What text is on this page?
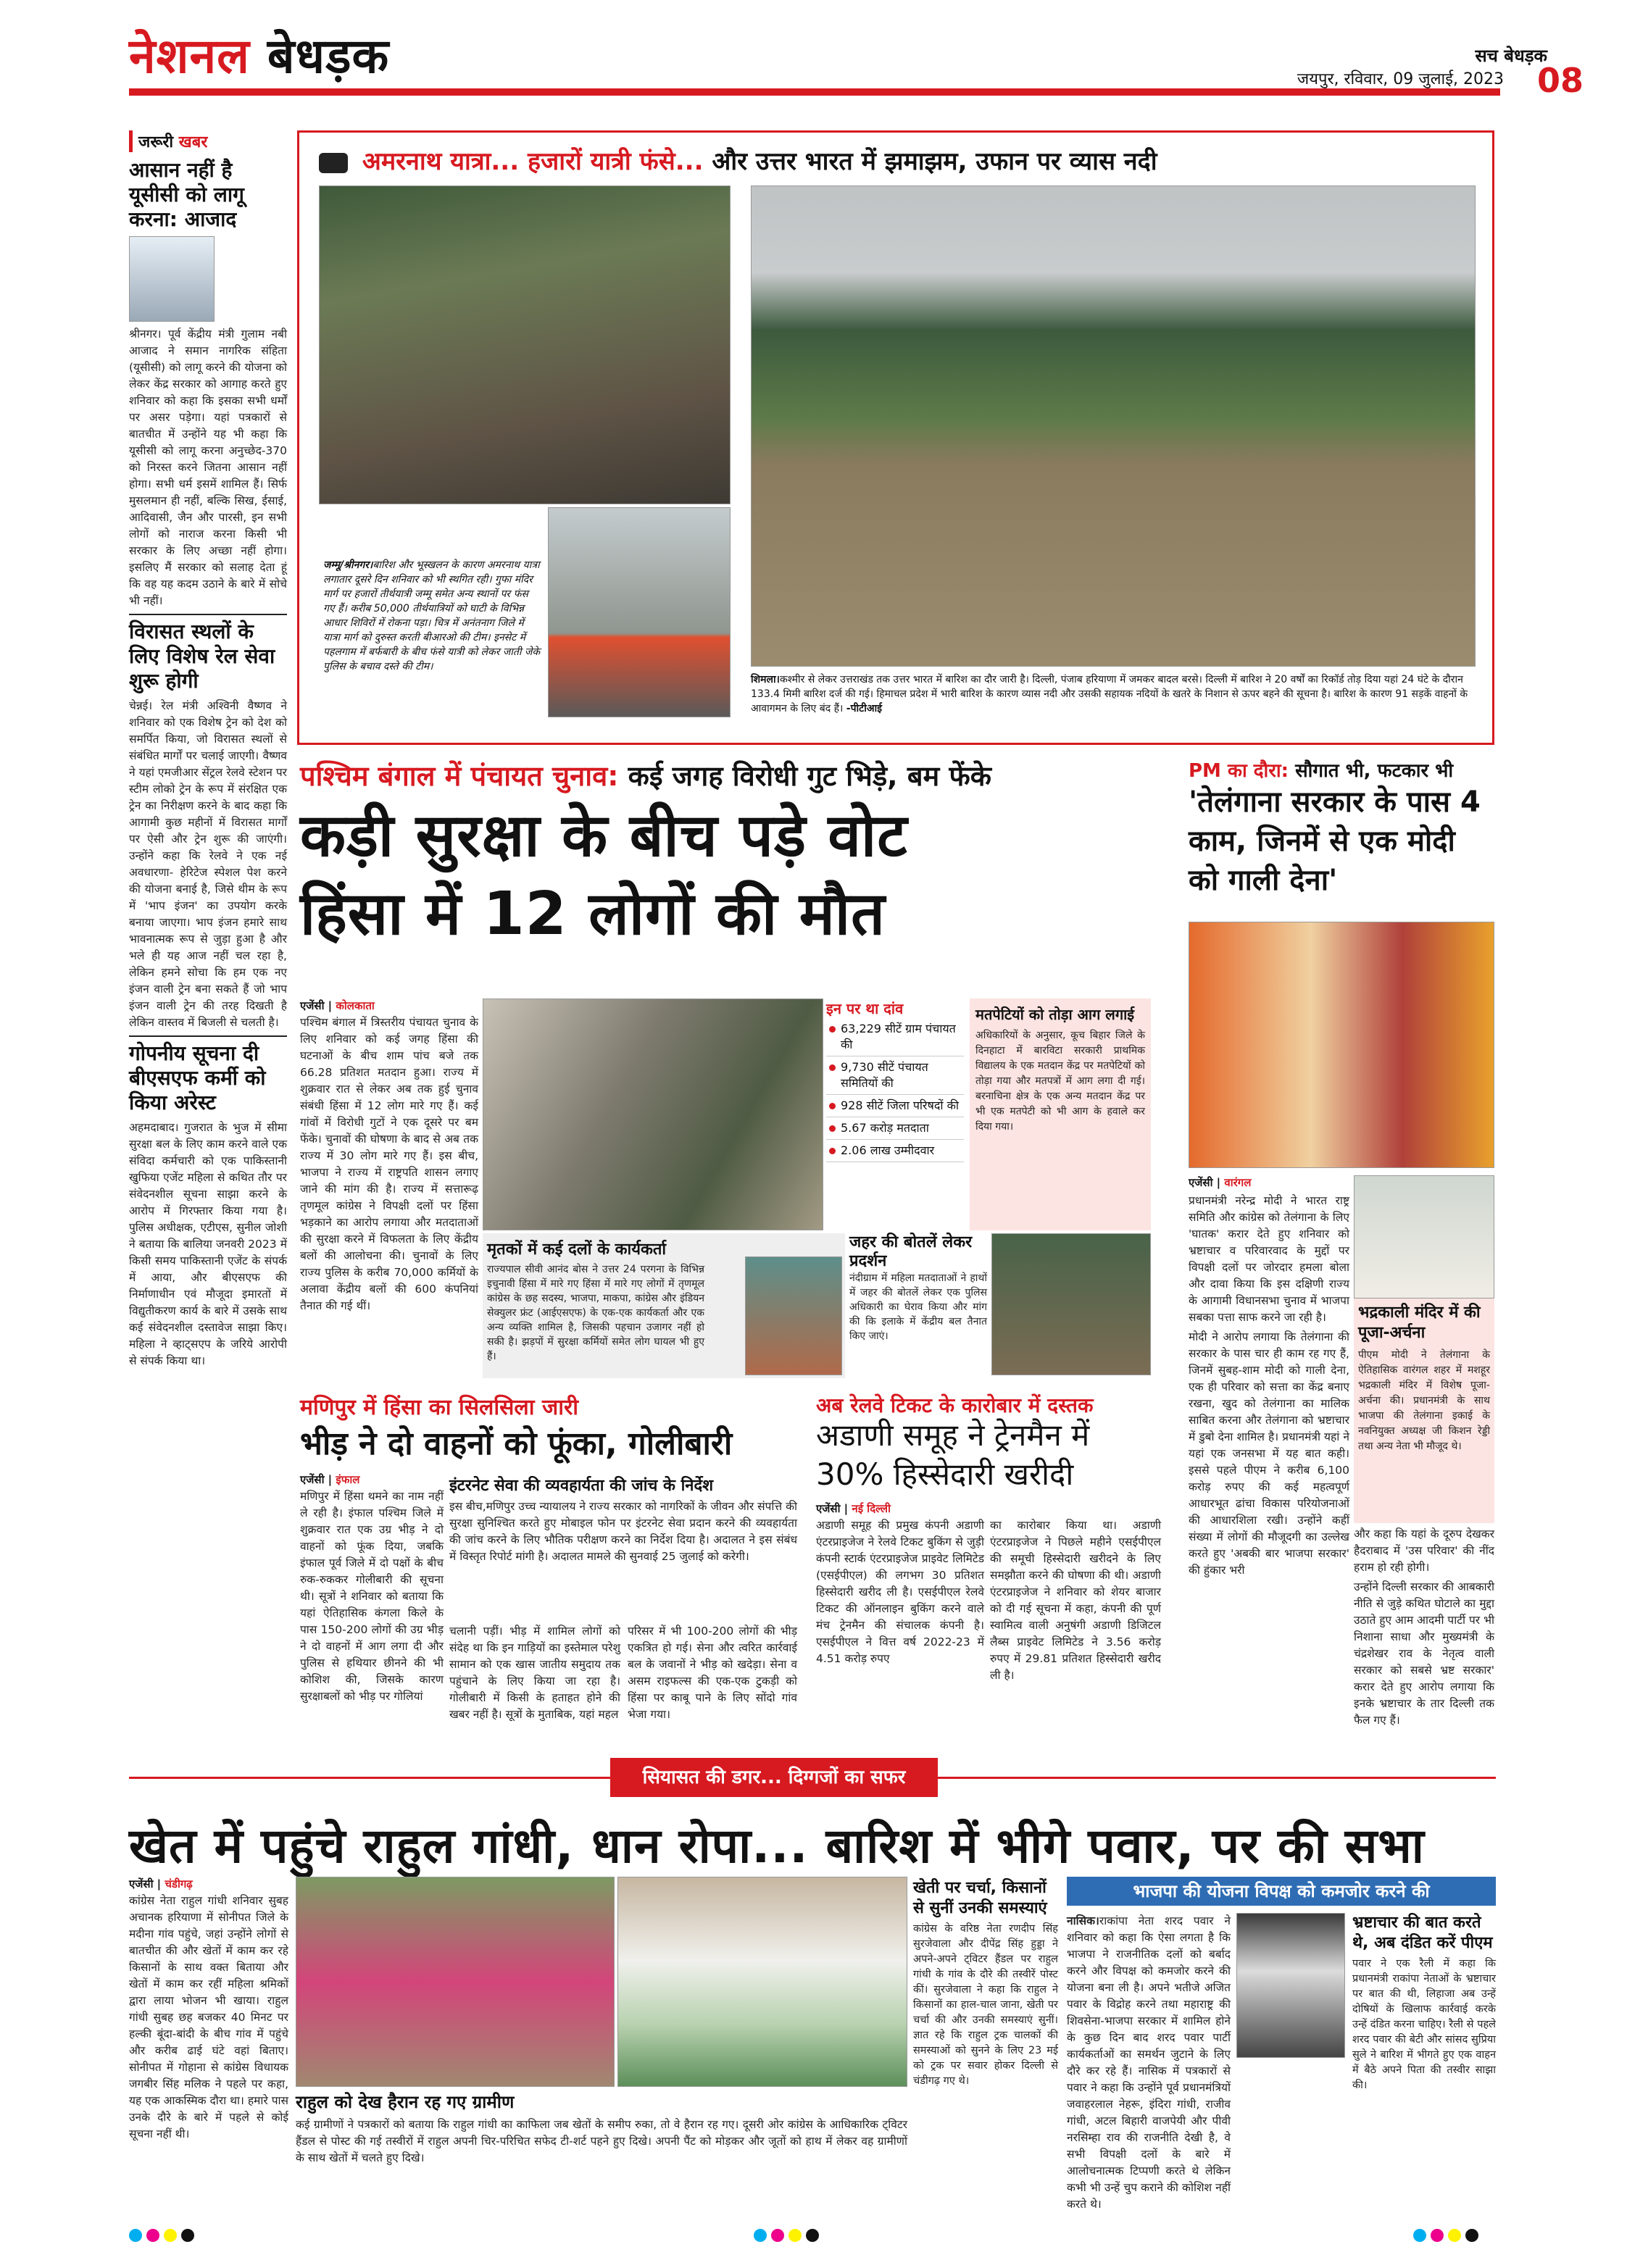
नेशनल बेधड़क	सच बेधड़क
जयपुर, रविवार, 09 जुलाई, 2023 08
जरूरी खबर
आसान नहीं है यूसीसी को लागू करना: आजाद
श्रीनगर। पूर्व केंद्रीय मंत्री गुलाम नबी आजाद ने समान नागरिक संहिता (यूसीसी) को लागू करने की योजना को लेकर केंद्र सरकार को आगाह करते हुए शनिवार को कहा कि इसका सभी धर्मों पर असर पड़ेगा। यहां पत्रकारों से बातचीत में उन्होंने यह भी कहा कि यूसीसी को लागू करना अनुच्छेद-370 को निरस्त करने जितना आसान नहीं होगा। सभी धर्म इसमें शामिल हैं। सिर्फ मुसलमान ही नहीं, बल्कि सिख, ईसाई, आदिवासी, जैन और पारसी, इन सभी लोगों को नाराज करना किसी भी सरकार के लिए अच्छा नहीं होगा। इसलिए मैं सरकार को सलाह देता हूं कि वह यह कदम उठाने के बारे में सोचे भी नहीं।
विरासत स्थलों के लिए विशेष रेल सेवा शुरू होगी
चेन्नई। रेल मंत्री अश्विनी वैष्णव ने शनिवार को एक विशेष ट्रेन को देश को समर्पित किया, जो विरासत स्थलों से संबंधित मार्गों पर चलाई जाएगी। वैष्णव ने यहां एमजीआर सेंट्रल रेलवे स्टेशन पर स्टीम लोको ट्रेन के रूप में संरक्षित एक ट्रेन का निरीक्षण करने के बाद कहा कि आगामी कुछ महीनों में विरासत मार्गों पर ऐसी और ट्रेन शुरू की जाएंगी। उन्होंने कहा कि रेलवे ने एक नई अवधारणा- हेरिटेज स्पेशल पेश करने की योजना बनाई है, जिसे थीम के रूप में 'भाप इंजन' का उपयोग करके बनाया जाएगा। भाप इंजन हमारे साथ भावनात्मक रूप से जुड़ा हुआ है और भले ही यह आज नहीं चल रहा है, लेकिन हमने सोचा कि हम एक नए इंजन वाली ट्रेन बना सकते हैं जो भाप इंजन वाली ट्रेन की तरह दिखती है लेकिन वास्तव में बिजली से चलती है।
गोपनीय सूचना दी बीएसएफ कर्मी को किया अरेस्ट
अहमदाबाद। गुजरात के भुज में सीमा सुरक्षा बल के लिए काम करने वाले एक संविदा कर्मचारी को एक पाकिस्तानी खुफिया एजेंट महिला से कथित तौर पर संवेदनशील सूचना साझा करने के आरोप में गिरफ्तार किया गया है। पुलिस अधीक्षक, एटीएस, सुनील जोशी ने बताया कि बालिया जनवरी 2023 में किसी समय पाकिस्तानी एजेंट के संपर्क में आया, और बीएसएफ की निर्माणाधीन एवं मौजूदा इमारतों में विद्युतीकरण कार्य के बारे में उसके साथ कई संवेदनशील दस्तावेज साझा किए। महिला ने व्हाट्सएप के जरिये आरोपी से संपर्क किया था।
अमरनाथ यात्रा... हजारों यात्री फंसे... और उत्तर भारत में झमाझम, उफान पर व्यास नदी
जम्मू/श्रीनगर।बारिश और भूस्खलन के कारण अमरनाथ यात्रा लगातार दूसरे दिन शनिवार को भी स्थगित रही। गुफा मंदिर मार्ग पर हजारों तीर्थयात्री जम्मू समेत अन्य स्थानों पर फंस गए हैं। करीब 50,000 तीर्थयात्रियों को घाटी के विभिन्न आधार शिविरों में रोकना पड़ा। चित्र में अनंतनाग जिले में यात्रा मार्ग को दुरुस्त करती बीआरओ की टीम। इनसेट में पहलगाम में बर्फबारी के बीच फंसे यात्री को लेकर जाती जेके पुलिस के बचाव दस्ते की टीम।
शिमला।कश्मीर से लेकर उत्तराखंड तक उत्तर भारत में बारिश का दौर जारी है। दिल्ली, पंजाब हरियाणा में जमकर बादल बरसे। दिल्ली में बारिश ने 20 वर्षों का रिकॉर्ड तोड़ दिया यहां 24 घंटे के दौरान 133.4 मिमी बारिश दर्ज की गई। हिमाचल प्रदेश में भारी बारिश के कारण व्यास नदी और उसकी सहायक नदियों के खतरे के निशान से ऊपर बहने की सूचना है। बारिश के कारण 91 सड़कें वाहनों के आवागमन के लिए बंद हैं। -पीटीआई
पश्चिम बंगाल में पंचायत चुनाव: कई जगह विरोधी गुट भिड़े, बम फेंके
कड़ी सुरक्षा के बीच पड़े वोट
हिंसा में 12 लोगों की मौत
एजेंसी | कोलकाता
पश्चिम बंगाल में त्रिस्तरीय पंचायत चुनाव के लिए शनिवार को कई जगह हिंसा की घटनाओं के बीच शाम पांच बजे तक 66.28 प्रतिशत मतदान हुआ। राज्य में शुक्रवार रात से लेकर अब तक हुई चुनाव संबंधी हिंसा में 12 लोग मारे गए हैं। कई गांवों में विरोधी गुटों ने एक दूसरे पर बम फेंके। चुनावों की घोषणा के बाद से अब तक राज्य में 30 लोग मारे गए हैं। इस बीच, भाजपा ने राज्य में राष्ट्रपति शासन लगाए जाने की मांग की है। राज्य में सत्तारूढ़ तृणमूल कांग्रेस ने विपक्षी दलों पर हिंसा भड़काने का आरोप लगाया और मतदाताओं की सुरक्षा करने में विफलता के लिए केंद्रीय बलों की आलोचना की। चुनावों के लिए राज्य पुलिस के करीब 70,000 कर्मियों के अलावा केंद्रीय बलों की 600 कंपनियां तैनात की गई थीं।
इन पर था दांव
63,229 सीटें ग्राम पंचायत की
9,730 सीटें पंचायत समितियों की
928 सीटें जिला परिषदों की
5.67 करोड़ मतदाता
2.06 लाख उम्मीदवार
मतपेटियों को तोड़ा आग लगाई
अधिकारियों के अनुसार, कूच बिहार जिले के दिनहाटा में बारविटा सरकारी प्राथमिक विद्यालय के एक मतदान केंद्र पर मतपेटियों को तोड़ा गया और मतपत्रों में आग लगा दी गई। बरनाचिना क्षेत्र के एक अन्य मतदान केंद्र पर भी एक मतपेटी को भी आग के हवाले कर दिया गया।
मृतकों में कई दलों के कार्यकर्ता
राज्यपाल सीवी आनंद बोस ने उत्तर 24 परगना के विभिन्न इचुनावी हिंसा में मारे गए हिंसा में मारे गए लोगों में तृणमूल कांग्रेस के छह सदस्य, भाजपा, माकपा, कांग्रेस और इंडियन सेक्युलर फ्रंट (आईएसएफ) के एक-एक कार्यकर्ता और एक अन्य व्यक्ति शामिल है, जिसकी पहचान उजागर नहीं हो सकी है। झड़पों में सुरक्षा कर्मियों समेत लोग घायल भी हुए हैं।
जहर की बोतलें लेकर प्रदर्शन
नंदीग्राम में महिला मतदाताओं ने हाथों में जहर की बोतलें लेकर एक पुलिस अधिकारी का घेराव किया और मांग की कि इलाके में केंद्रीय बल तैनात किए जाएं।
PM का दौरा: सौगात भी, फटकार भी
'तेलंगाना सरकार के पास 4 काम, जिनमें से एक मोदी को गाली देना'
एजेंसी | वारंगल

प्रधानमंत्री नरेन्द्र मोदी ने भारत राष्ट्र समिति और कांग्रेस को तेलंगाना के लिए 'घातक' करार देते हुए शनिवार को भ्रष्टाचार व परिवारवाद के मुद्दों पर विपक्षी दलों पर जोरदार हमला बोला और दावा किया कि इस दक्षिणी राज्य के आगामी विधानसभा चुनाव में भाजपा सबका पत्ता साफ करने जा रही है।

मोदी ने आरोप लगाया कि तेलंगाना की सरकार के पास चार ही काम रह गए हैं, जिनमें सुबह-शाम मोदी को गाली देना, एक ही परिवार को सत्ता का केंद्र बनाए रखना, खुद को तेलंगाना का मालिक साबित करना और तेलंगाना को भ्रष्टाचार में डुबो देना शामिल है। प्रधानमंत्री यहां ने यहां एक जनसभा में यह बात कही। इससे पहले पीएम ने करीब 6,100 करोड़ रुपए की कई महत्वपूर्ण आधारभूत ढांचा विकास परियोजनाओं की आधारशिला रखी। उन्होंने कहीं संख्या में लोगों की मौजूदगी का उल्लेख करते हुए 'अबकी बार भाजपा सरकार' की हुंकार भरी

भद्रकाली मंदिर में की पूजा-अर्चना
पीएम मोदी ने तेलंगाना के ऐतिहासिक वारंगल शहर में मशहूर भद्रकाली मंदिर में विशेष पूजा-अर्चना की। प्रधानमंत्री के साथ भाजपा की तेलंगाना इकाई के नवनियुक्त अध्यक्ष जी किशन रेड्डी तथा अन्य नेता भी मौजूद थे।

और कहा कि यहां के दूरुप देखकर हैदराबाद में 'उस परिवार' की नींद हराम हो रही होगी।

उन्होंने दिल्ली सरकार की आबकारी नीति से जुड़े कथित घोटाले का मुद्दा उठाते हुए आम आदमी पार्टी पर भी निशाना साधा और मुख्यमंत्री के चंद्रशेखर राव के नेतृत्व वाली सरकार को सबसे भ्रष्ट सरकार' करार देते हुए आरोप लगाया कि इनके भ्रष्टाचार के तार दिल्ली तक फैल गए हैं।

मणिपुर में हिंसा का सिलसिला जारी
भीड़ ने दो वाहनों को फूंका, गोलीबारी
एजेंसी | इंफाल
मणिपुर में हिंसा थमने का नाम नहीं ले रही है। इंफाल पश्चिम जिले में शुक्रवार रात एक उग्र भीड़ ने दो वाहनों को फूंक दिया, जबकि इंफाल पूर्व जिले में दो पक्षों के बीच रुक-रुककर गोलीबारी की सूचना थी। सूत्रों ने शनिवार को बताया कि यहां ऐतिहासिक कंगला किले के पास 150-200 लोगों की उग्र भीड़ ने दो वाहनों में आग लगा दी और पुलिस से हथियार छीनने की भी कोशिश की, जिसके कारण सुरक्षाबलों को भीड़ पर गोलियां
इंटरनेट सेवा की व्यवहार्यता की जांच के निर्देश
इस बीच,मणिपुर उच्च न्यायालय ने राज्य सरकार को नागरिकों के जीवन और संपत्ति की सुरक्षा सुनिश्चित करते हुए मोबाइल फोन पर इंटरनेट सेवा प्रदान करने की व्यवहार्यता की जांच करने के लिए भौतिक परीक्षण करने का निर्देश दिया है। अदालत ने इस संबंध में विस्तृत रिपोर्ट मांगी है। अदालत मामले की सुनवाई 25 जुलाई को करेगी।
चलानी पड़ीं। भीड़ में शामिल लोगों को संदेह था कि इन गाड़ियों का इस्तेमाल परेशु सामान को एक खास जातीय समुदाय तक पहुंचाने के लिए किया जा रहा है। गोलीबारी में किसी के हताहत होने की खबर नहीं है। सूत्रों के मुताबिक, यहां महल
परिसर में भी 100-200 लोगों की भीड़ एकत्रित हो गई। सेना और त्वरित कार्रवाई बल के जवानों ने भीड़ को खदेड़ा। सेना व असम राइफल्स की एक-एक टुकड़ी को हिंसा पर काबू पाने के लिए सोंदो गांव भेजा गया।
अब रेलवे टिकट के कारोबार में दस्तक
अडाणी समूह ने ट्रेनमैन में 30% हिस्सेदारी खरीदी
एजेंसी | नई दिल्ली
अडाणी समूह की प्रमुख कंपनी अडाणी एंटरप्राइजेज ने रेलवे टिकट बुकिंग से जुड़ी कंपनी स्टार्क एंटरप्राइजेज प्राइवेट लिमिटेड (एसईपीएल) की लगभग 30 प्रतिशत हिस्सेदारी खरीद ली है। एसईपीएल रेलवे टिकट की ऑनलाइन बुकिंग करने वाले मंच ट्रेनमैन की संचालक कंपनी है। एसईपीएल ने वित्त वर्ष 2022-23 में 4.51 करोड़ रुपए
का कारोबार किया था। अडाणी एंटरप्राइजेज ने पिछले महीने एसईपीएल की समूची हिस्सेदारी खरीदने के लिए समझौता करने की घोषणा की थी। अडाणी एंटरप्राइजेज ने शनिवार को शेयर बाजार को दी गई सूचना में कहा, कंपनी की पूर्ण स्वामित्व वाली अनुषंगी अडाणी डिजिटल लैब्स प्राइवेट लिमिटेड ने 3.56 करोड़ रुपए में 29.81 प्रतिशत हिस्सेदारी खरीद ली है।
सियासत की डगर... दिग्गजों का सफर
खेत में पहुंचे राहुल गांधी, धान रोपा... बारिश में भीगे पवार, पर की सभा
एजेंसी | चंडीगढ़
कांग्रेस नेता राहुल गांधी शनिवार सुबह अचानक हरियाणा में सोनीपत जिले के मदीना गांव पहुंचे, जहां उन्होंने लोगों से बातचीत की और खेतों में काम कर रहे किसानों के साथ वक्त बिताया और खेतों में काम कर रहीं महिला श्रमिकों द्वारा लाया भोजन भी खाया। राहुल गांधी सुबह छह बजकर 40 मिनट पर हल्की बूंदा-बांदी के बीच गांव में पहुंचे और करीब ढाई घंटे वहां बिताए। सोनीपत में गोहाना से कांग्रेस विधायक जगबीर सिंह मलिक ने पहले पर कहा, यह एक आकस्मिक दौरा था। हमारे पास उनके दौरे के बारे में पहले से कोई सूचना नहीं थी।
राहुल को देख हैरान रह गए ग्रामीण
कई ग्रामीणों ने पत्रकारों को बताया कि राहुल गांधी का काफिला जब खेतों के समीप रुका, तो वे हैरान रह गए। दूसरी ओर कांग्रेस के आधिकारिक ट्विटर हैंडल से पोस्ट की गई तस्वीरों में राहुल अपनी चिर-परिचित सफेद टी-शर्ट पहने हुए दिखे। अपनी पैंट को मोड़कर और जूतों को हाथ में लेकर वह ग्रामीणों के साथ खेतों में चलते हुए दिखे।
खेती पर चर्चा, किसानों से सुनीं उनकी समस्याएं
कांग्रेस के वरिष्ठ नेता रणदीप सिंह सुरजेवाला और दीपेंद्र सिंह हुड्डा ने अपने-अपने ट्विटर हैंडल पर राहुल गांधी के गांव के दौरे की तस्वीरें पोस्ट कीं। सुरजेवाला ने कहा कि राहुल ने किसानों का हाल-चाल जाना, खेती पर चर्चा की और उनकी समस्याएं सुनीं। ज्ञात रहे कि राहुल ट्रक चालकों की समस्याओं को सुनने के लिए 23 मई को ट्रक पर सवार होकर दिल्ली से चंडीगढ़ गए थे।
भाजपा की योजना विपक्ष को कमजोर करने की
नासिक।राकांपा नेता शरद पवार ने शनिवार को कहा कि ऐसा लगता है कि भाजपा ने राजनीतिक दलों को बर्बाद करने और विपक्ष को कमजोर करने की योजना बना ली है। अपने भतीजे अजित पवार के विद्रोह करने तथा महाराष्ट्र की शिवसेना-भाजपा सरकार में शामिल होने के कुछ दिन बाद शरद पवार पार्टी कार्यकर्ताओं का समर्थन जुटाने के लिए दौरे कर रहे हैं। नासिक में पत्रकारों से पवार ने कहा कि उन्होंने पूर्व प्रधानमंत्रियों जवाहरलाल नेहरू, इंदिरा गांधी, राजीव गांधी, अटल बिहारी वाजपेयी और पीवी नरसिम्हा राव की राजनीति देखी है, वे सभी विपक्षी दलों के बारे में आलोचनात्मक टिप्पणी करते थे लेकिन कभी भी उन्हें चुप कराने की कोशिश नहीं करते थे।
भ्रष्टाचार की बात करते थे, अब दंडित करें पीएम
पवार ने एक रैली में कहा कि प्रधानमंत्री राकांपा नेताओं के भ्रष्टाचार पर बात की थी, लिहाजा अब उन्हें दोषियों के खिलाफ कार्रवाई करके उन्हें दंडित करना चाहिए। रैली से पहले शरद पवार की बेटी और सांसद सुप्रिया सुले ने बारिश में भीगते हुए एक वाहन में बैठे अपने पिता की तस्वीर साझा की।
